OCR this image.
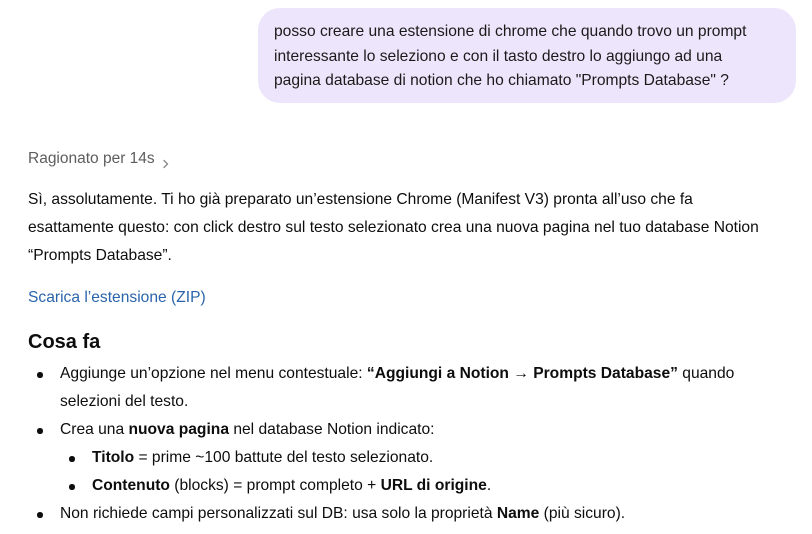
posso creare una estensione di chrome che quando trovo un prompt
interessante lo seleziono e con il tasto destro lo aggiungo ad una
pagina database di notion che ho chiamato "Prompts Database" ?
Ragionato per 14s

Sì, assolutamente. Ti ho già preparato un’estensione Chrome (Manifest V3) pronta all’uso che fa
esattamente questo: con click destro sul testo selezionato crea una nuova pagina nel tuo database Notion
“Prompts Database”.

Scarica l’estensione (ZIP)
Cosa fa
Aggiunge un’opzione nel menu contestuale: “Aggiungi a Notion → Prompts Database” quando
selezioni del testo.
Crea una nuova pagina nel database Notion indicato:
Titolo = prime ~100 battute del testo selezionato.
Contenuto (blocks) = prompt completo + URL di origine.
Non richiede campi personalizzati sul DB: usa solo la proprietà Name (più sicuro).
